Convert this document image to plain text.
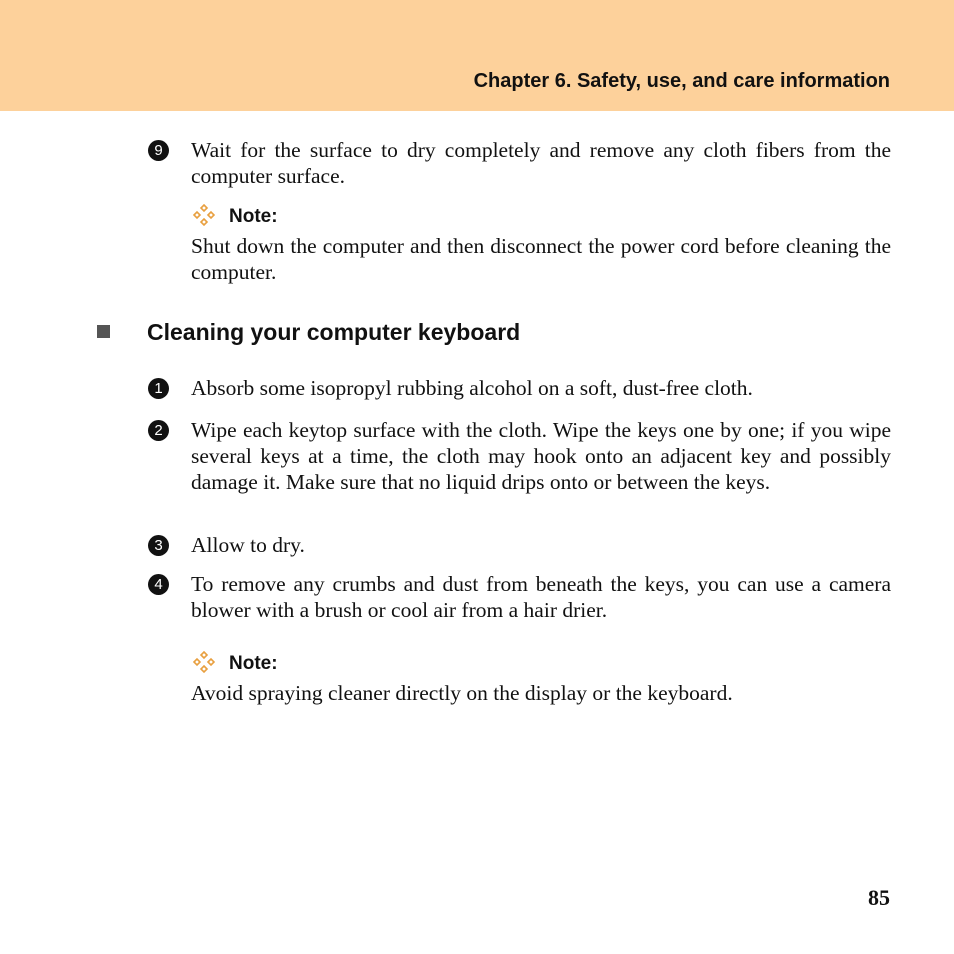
Chapter 6. Safety, use, and care information
9 Wait for the surface to dry completely and remove any cloth fibers from the computer surface.
Note:
Shut down the computer and then disconnect the power cord before cleaning the computer.
Cleaning your computer keyboard
1 Absorb some isopropyl rubbing alcohol on a soft, dust-free cloth.
2 Wipe each keytop surface with the cloth. Wipe the keys one by one; if you wipe several keys at a time, the cloth may hook onto an adjacent key and possibly damage it. Make sure that no liquid drips onto or between the keys.
3 Allow to dry.
4 To remove any crumbs and dust from beneath the keys, you can use a camera blower with a brush or cool air from a hair drier.
Note:
Avoid spraying cleaner directly on the display or the keyboard.
85
